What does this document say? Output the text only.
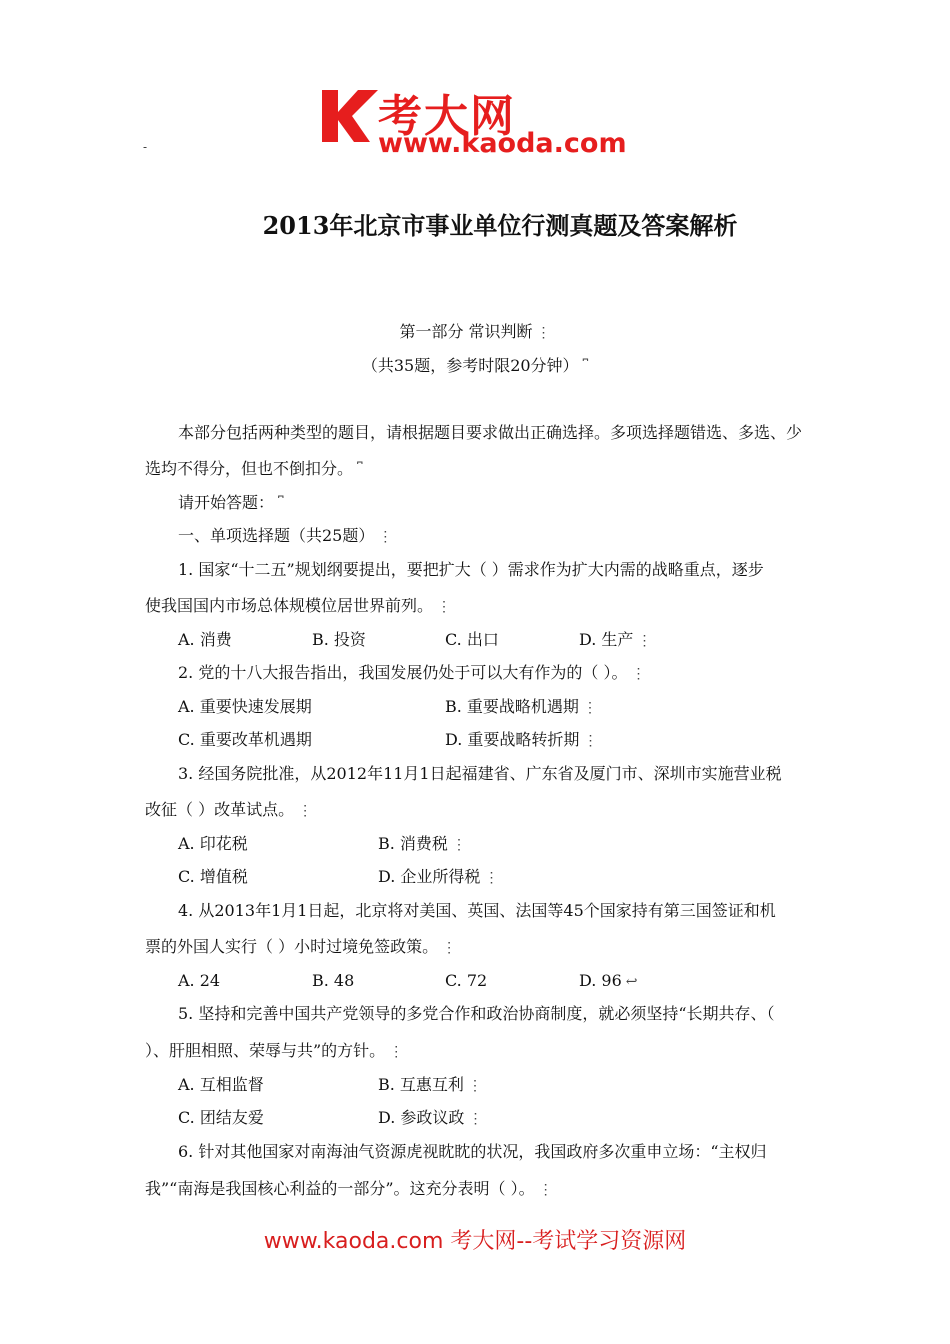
考大网
www.kaoda.com
-
2013年北京市事业单位行测真题及答案解析
第一部分 常识判断 ⋮
（共35题，参考时限20分钟） ⎴
本部分包括两种类型的题目，请根据题目要求做出正确选择。多项选择题错选、多选、少
选均不得分，但也不倒扣分。 ⎴
请开始答题： ⎴
一、单项选择题（共25题） ⋮
1. 国家“十二五”规划纲要提出，要把扩大（ ）需求作为扩大内需的战略重点，逐步
使我国国内市场总体规模位居世界前列。 ⋮
A. 消费	B. 投资	C. 出口	D. 生产 ⋮
2. 党的十八大报告指出，我国发展仍处于可以大有作为的（ ）。 ⋮
A. 重要快速发展期	B. 重要战略机遇期 ⋮
C. 重要改革机遇期	D. 重要战略转折期 ⋮
3. 经国务院批准，从2012年11月1日起福建省、广东省及厦门市、深圳市实施营业税
改征（ ）改革试点。 ⋮
A. 印花税	B. 消费税 ⋮
C. 增值税	D. 企业所得税 ⋮
4. 从2013年1月1日起，北京将对美国、英国、法国等45个国家持有第三国签证和机
票的外国人实行（ ）小时过境免签政策。 ⋮
A. 24	B. 48	C. 72	D. 96 ↩
5. 坚持和完善中国共产党领导的多党合作和政治协商制度，就必须坚持“长期共存、（
）、肝胆相照、荣辱与共”的方针。 ⋮
A. 互相监督	B. 互惠互利 ⋮
C. 团结友爱	D. 参政议政 ⋮
6. 针对其他国家对南海油气资源虎视眈眈的状况，我国政府多次重申立场：“主权归
我”“南海是我国核心利益的一部分”。这充分表明（ ）。 ⋮
www.kaoda.com 考大网--考试学习资源网
